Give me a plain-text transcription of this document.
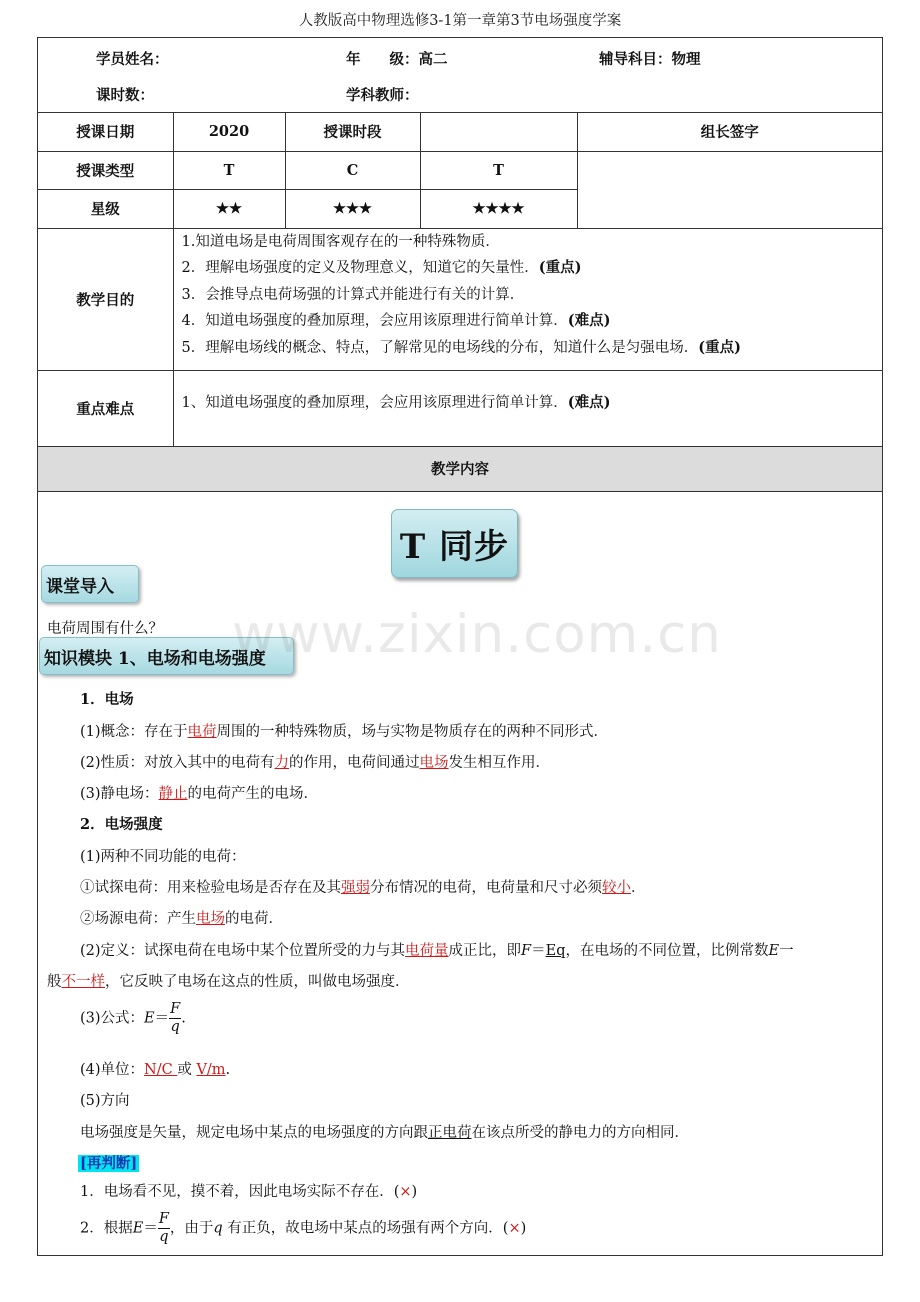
人教版高中物理选修3-1第一章第3节电场强度学案
学员姓名： 年　　级：高二 辅导科目：物理
课时数： 学科教师：				

授课日期	2020	授课时段		组长签字
授课类型	T	C	T	
星级	★★	★★★	★★★★	
教学目的	1.知道电场是电荷周围客观存在的一种特殊物质．

2．理解电场强度的定义及物理意义，知道它的矢量性．(重点)

3．会推导点电荷场强的计算式并能进行有关的计算．

4．知道电场强度的叠加原理，会应用该原理进行简单计算．(难点)

5．理解电场线的概念、特点，了解常见的电场线的分布，知道什么是匀强电场．(重点)			

重点难点	1、知道电场强度的叠加原理，会应用该原理进行简单计算．(难点)			
教学内容				
T 同步
课堂导入

电荷周围有什么？

知识模块 1、电场和电场强度

1．电场

(1)概念：存在于电荷周围的一种特殊物质，场与实物是物质存在的两种不同形式．

(2)性质：对放入其中的电荷有力的作用，电荷间通过电场发生相互作用．

(3)静电场：静止的电荷产生的电场．

2．电场强度

(1)两种不同功能的电荷：

①试探电荷：用来检验电场是否存在及其强弱分布情况的电荷，电荷量和尺寸必须较小．

②场源电荷：产生电场的电荷．

(2)定义：试探电荷在电场中某个位置所受的力与其电荷量成正比，即F＝Eq，在电场的不同位置，比例常数E一

般不一样，它反映了电场在这点的性质，叫做电场强度．

(3)公式：$E= \frac{F}{q}$ .

(4)单位：N/C 或 V/m.

(5)方向

电场强度是矢量，规定电场中某点的电场强度的方向跟正电荷在该点所受的静电力的方向相同．

[再判断]

1．电场看不见，摸不着，因此电场实际不存在．(×)

2．根据$E= \frac{F}{q}$ ，由于q 有正负，故电场中某点的场强有两个方向．(×)

www.zixin.com.cn
